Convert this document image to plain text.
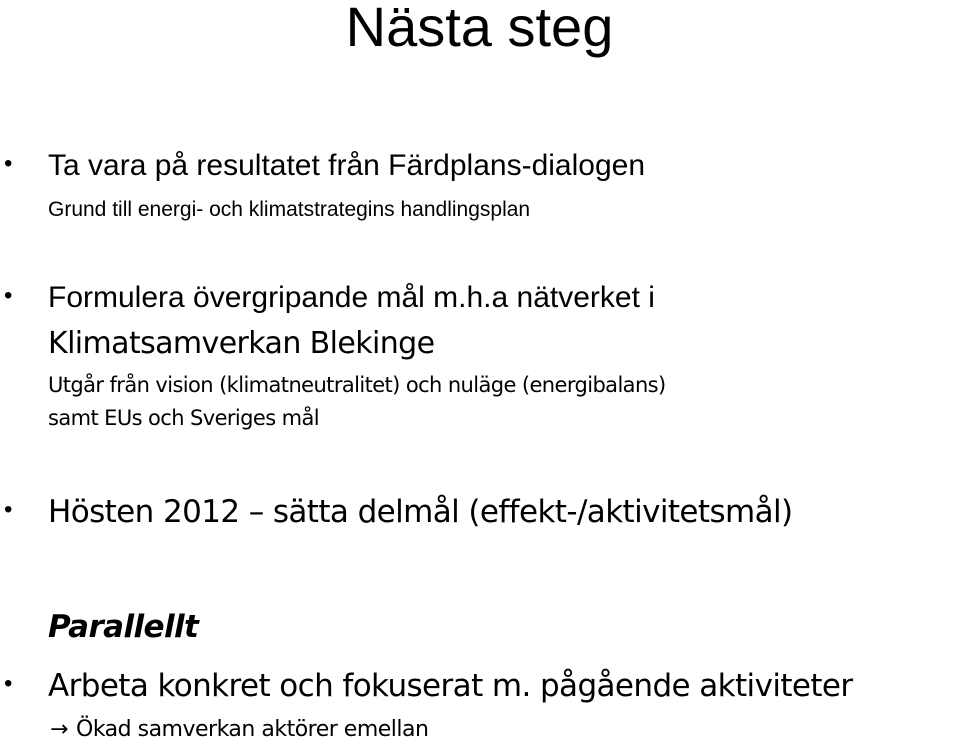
Nästa steg
• Ta vara på resultatet från Färdplans-dialogen

Grund till energi- och klimatstrategins handlingsplan

• Formulera övergripande mål m.h.a nätverket i

Klimatsamverkan Blekinge

Utgår från vision (klimatneutralitet) och nuläge (energibalans)

samt EUs och Sveriges mål

• Hösten 2012 – sätta delmål (effekt-/aktivitetsmål)

Parallellt

• Arbeta konkret och fokuserat m. pågående aktiviteter

→ Ökad samverkan aktörer emellan
